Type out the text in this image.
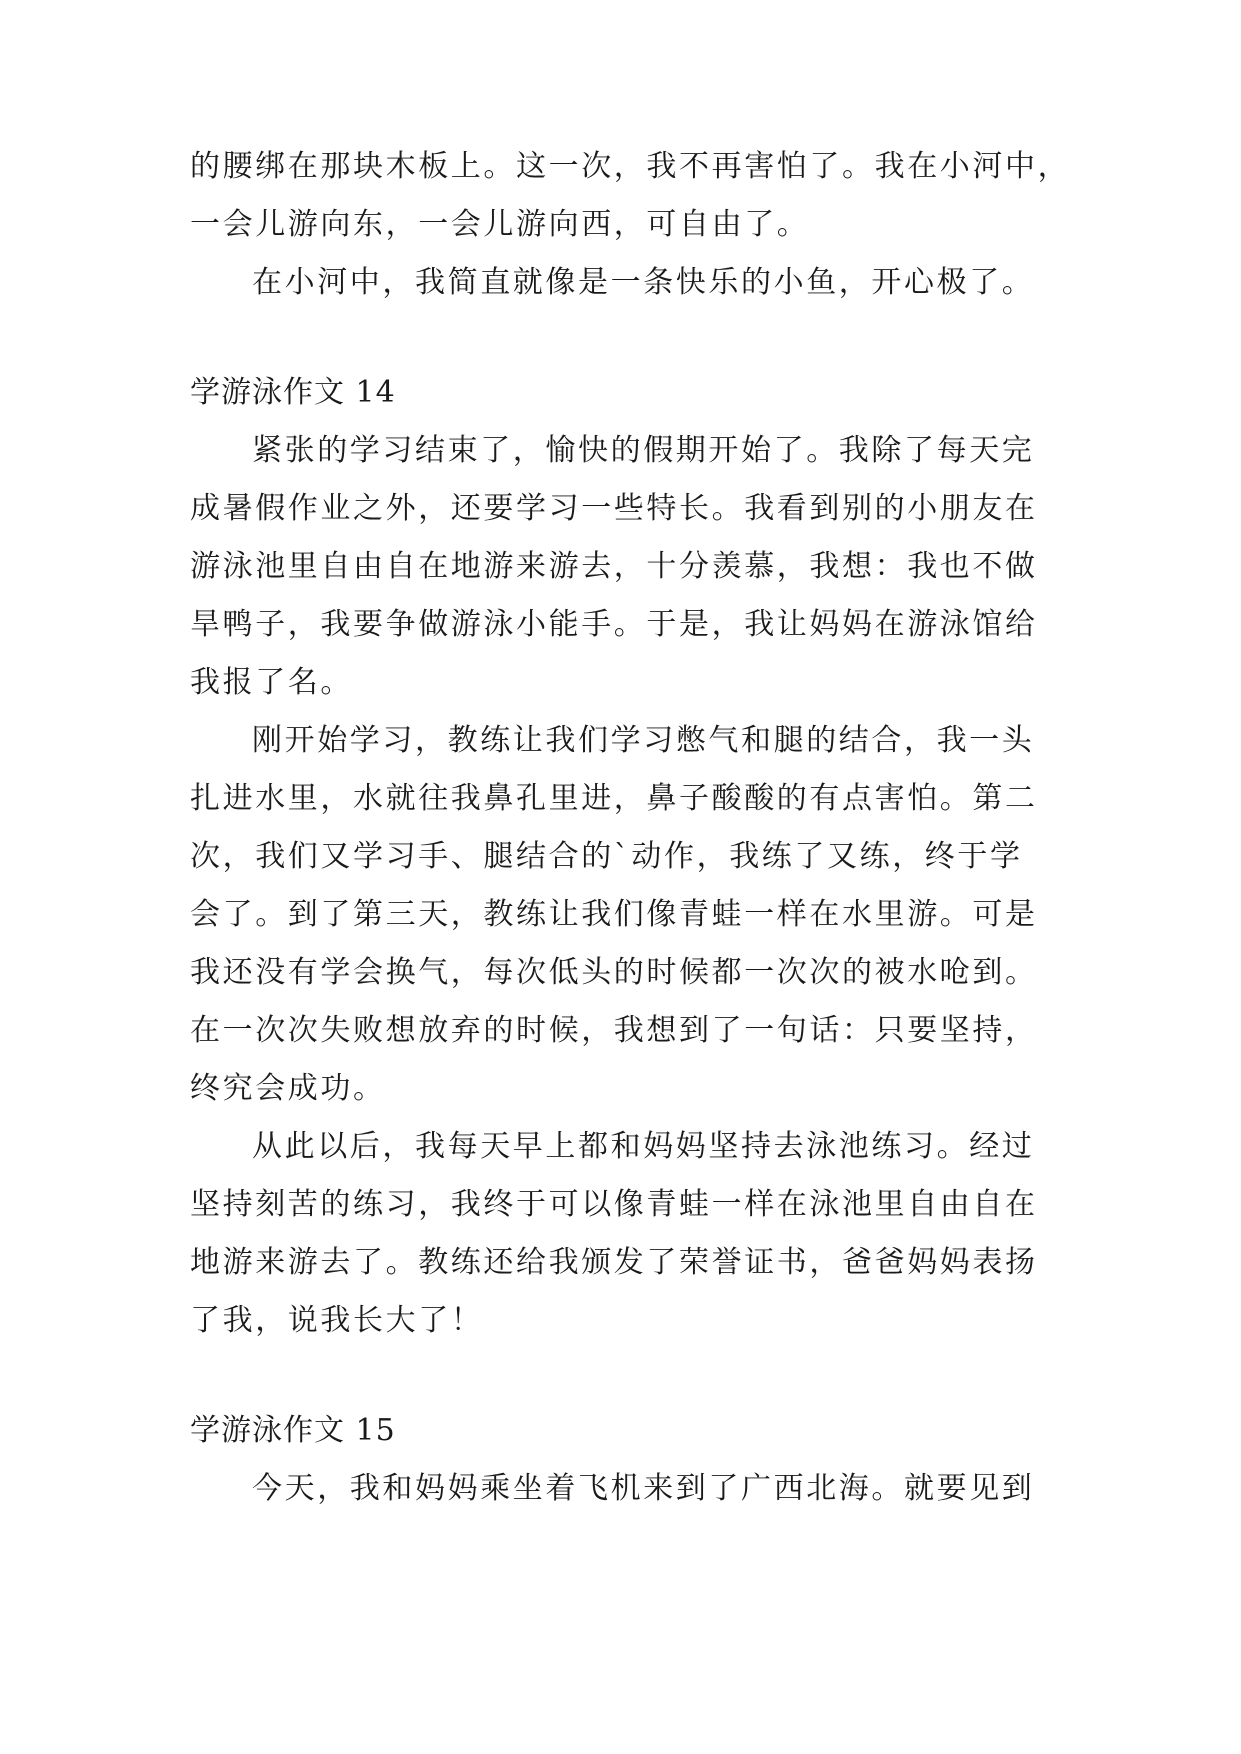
的腰绑在那块木板上。这一次，我不再害怕了。我在小河中，
一会儿游向东，一会儿游向西，可自由了。
在小河中，我简直就像是一条快乐的小鱼，开心极了。
学游泳作文 14
紧张的学习结束了，愉快的假期开始了。我除了每天完
成暑假作业之外，还要学习一些特长。我看到别的小朋友在
游泳池里自由自在地游来游去，十分羡慕，我想：我也不做
旱鸭子，我要争做游泳小能手。于是，我让妈妈在游泳馆给
我报了名。
刚开始学习，教练让我们学习憋气和腿的结合，我一头
扎进水里，水就往我鼻孔里进，鼻子酸酸的有点害怕。第二
次，我们又学习手、腿结合的`动作，我练了又练，终于学
会了。到了第三天，教练让我们像青蛙一样在水里游。可是
我还没有学会换气，每次低头的时候都一次次的被水呛到。
在一次次失败想放弃的时候，我想到了一句话：只要坚持，
终究会成功。
从此以后，我每天早上都和妈妈坚持去泳池练习。经过
坚持刻苦的练习，我终于可以像青蛙一样在泳池里自由自在
地游来游去了。教练还给我颁发了荣誉证书，爸爸妈妈表扬
了我，说我长大了！
学游泳作文 15
今天，我和妈妈乘坐着飞机来到了广西北海。就要见到
